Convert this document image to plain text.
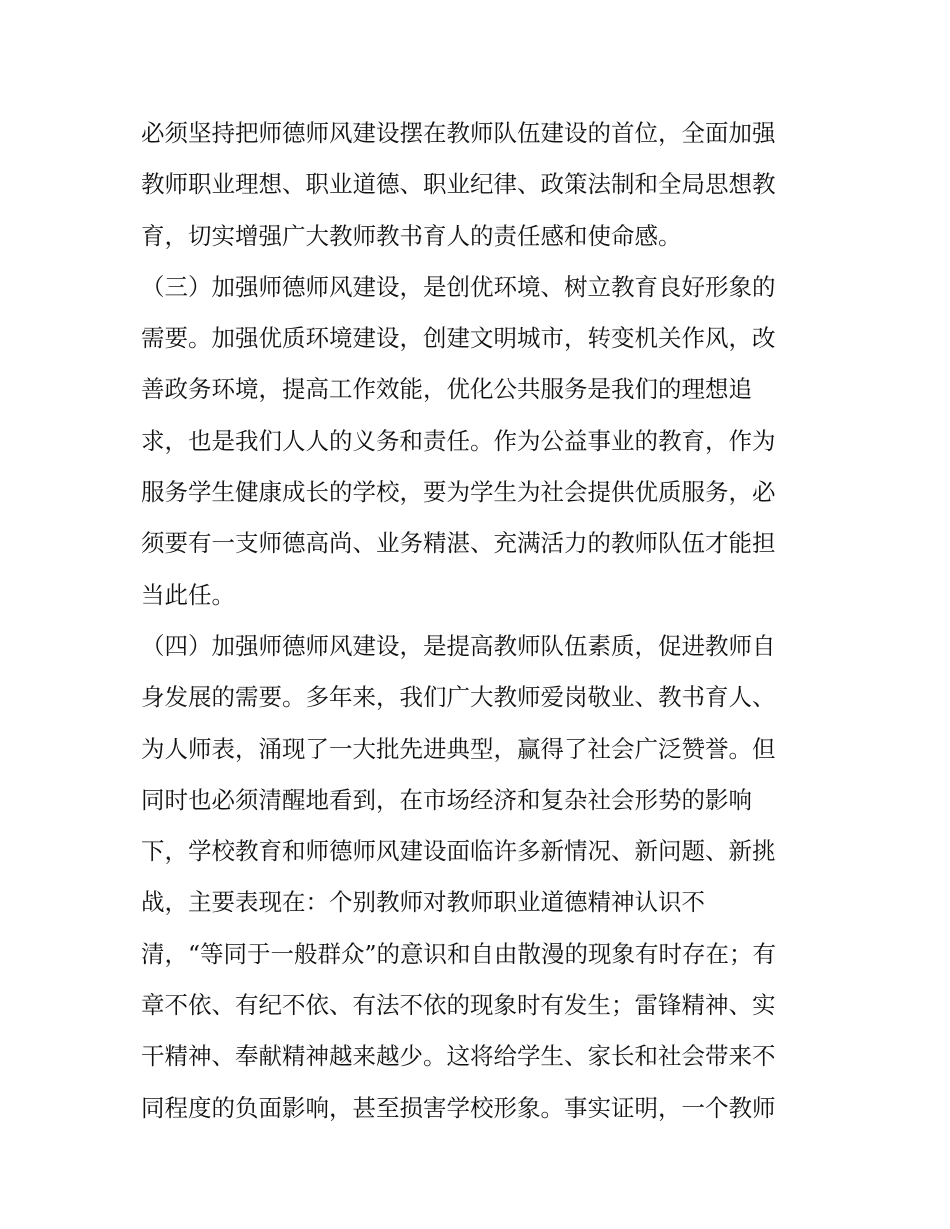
必须坚持把师德师风建设摆在教师队伍建设的首位，全面加强
教师职业理想、职业道德、职业纪律、政策法制和全局思想教
育，切实增强广大教师教书育人的责任感和使命感。
（三）加强师德师风建设，是创优环境、树立教育良好形象的
需要。加强优质环境建设，创建文明城市，转变机关作风，改
善政务环境，提高工作效能，优化公共服务是我们的理想追
求，也是我们人人的义务和责任。作为公益事业的教育，作为
服务学生健康成长的学校，要为学生为社会提供优质服务，必
须要有一支师德高尚、业务精湛、充满活力的教师队伍才能担
当此任。
（四）加强师德师风建设，是提高教师队伍素质，促进教师自
身发展的需要。多年来，我们广大教师爱岗敬业、教书育人、
为人师表，涌现了一大批先进典型，赢得了社会广泛赞誉。但
同时也必须清醒地看到，在市场经济和复杂社会形势的影响
下，学校教育和师德师风建设面临许多新情况、新问题、新挑
战，主要表现在：个别教师对教师职业道德精神认识不
清，“等同于一般群众”的意识和自由散漫的现象有时存在；有
章不依、有纪不依、有法不依的现象时有发生；雷锋精神、实
干精神、奉献精神越来越少。这将给学生、家长和社会带来不
同程度的负面影响，甚至损害学校形象。事实证明，一个教师
